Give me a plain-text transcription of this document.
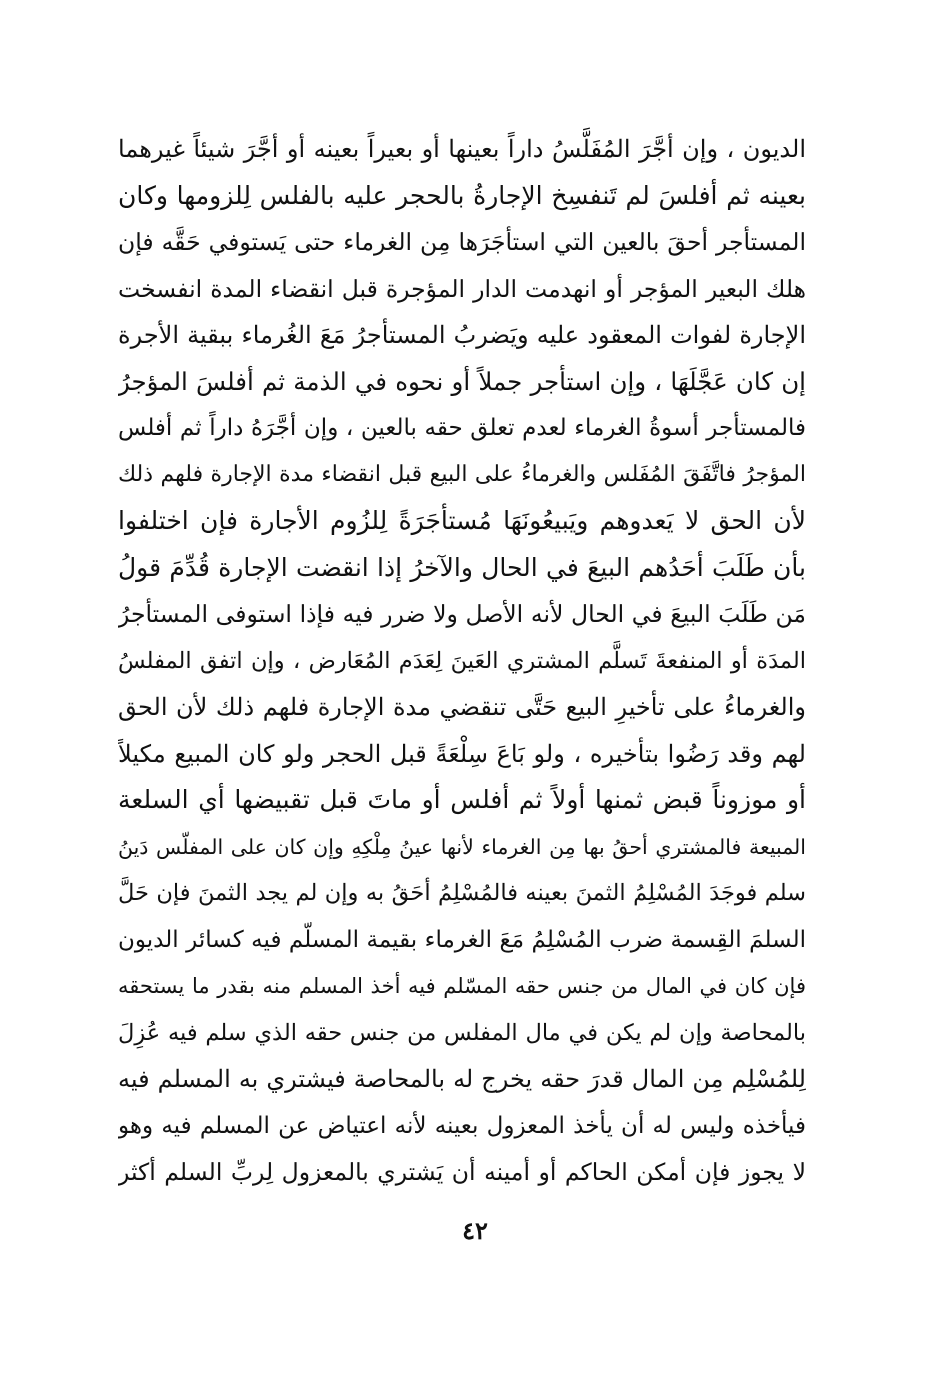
الديون ، وإن أجَّرَ المُفَلَّسُ داراً بعينها أو بعيراً بعينه أو أجَّرَ شيئاً غيرهما
بعينه ثم أفلسَ لم تَنفسِخ الإجارةُ بالحجر عليه بالفلس لِلزومها وكان
المستأجر أحقَ بالعين التي استأجَرَها مِن الغرماء حتى يَستوفي حَقَّه فإن
هلك البعير المؤجر أو انهدمت الدار المؤجرة قبل انقضاء المدة انفسخت
الإجارة لفوات المعقود عليه ويَضربُ المستأجرُ مَعَ الغُرماء ببقية الأجرة
إن كان عَجَّلَهَا ، وإن استأجر جملاً أو نحوه في الذمة ثم أفلسَ المؤجرُ
فالمستأجر أسوةُ الغرماء لعدم تعلق حقه بالعين ، وإن أجَّرَهُ داراً ثم أفلس
المؤجرُ فاتَّفَقَ المُفَلس والغرماءُ على البيع قبل انقضاء مدة الإجارة فلهم ذلك
لأن الحق لا يَعدوهم ويَبيعُونَهَا مُستأجَرَةً لِلزُوم الأجارة فإن اختلفوا
بأن طَلَبَ أحَدُهم البيعَ في الحال والآخرُ إذا انقضت الإجارة قُدِّمَ قولُ
مَن طَلَبَ البيعَ في الحال لأنه الأصل ولا ضرر فيه فإذا استوفى المستأجرُ
المدَة أو المنفعةَ تَسلَّم المشتري العَينَ لِعَدَم المُعَارض ، وإن اتفق المفلسُ
والغرماءُ على تأخيرِ البيع حَتَّى تنقضي مدة الإجارة فلهم ذلك لأن الحق
لهم وقد رَضُوا بتأخيره ، ولو بَاعَ سِلْعَةً قبل الحجر ولو كان المبيع مكيلاً
أو موزوناً قبض ثمنها أولاً ثم أفلس أو ماتَ قبل تقبيضها أي السلعة
المبيعة فالمشتري أحقُ بها مِن الغرماء لأنها عينُ مِلْكِهِ وإن كان على المفلّس دَينُ
سلم فوجَدَ المُسْلِمُ الثمنَ بعينه فالمُسْلِمُ أحَقُ به وإن لم يجد الثمنَ فإن حَلَّ
السلمَ القِسمة ضرب المُسْلِمُ مَعَ الغرماء بقيمة المسلّم فيه كسائر الديون
فإن كان في المال من جنس حقه المسّلم فيه أخذ المسلم منه بقدر ما يستحقه
بالمحاصة وإن لم يكن في مال المفلس من جنس حقه الذي سلم فيه عُزِلَ
لِلمُسْلِم مِن المال قدرَ حقه يخرج له بالمحاصة فيشتري به المسلم فيه
فيأخذه وليس له أن يأخذ المعزول بعينه لأنه اعتياض عن المسلم فيه وهو
لا يجوز فإن أمكن الحاكم أو أمينه أن يَشتري بالمعزول لِربِّ السلم أكثر
٤٢
